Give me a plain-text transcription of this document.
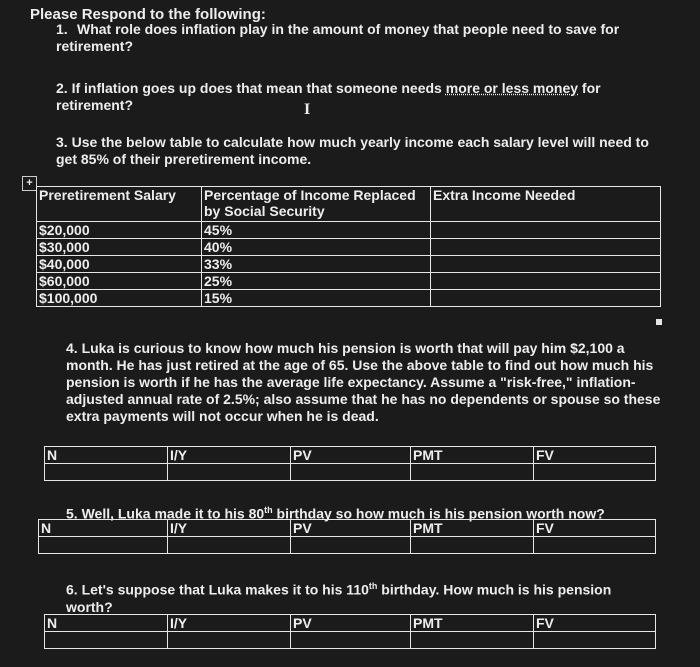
Please Respond to the following:
1. What role does inflation play in the amount of money that people need to save for retirement?
2. If inflation goes up does that mean that someone needs more or less money for retirement?	I
3. Use the below table to calculate how much yearly income each salary level will need to get 85% of their preretirement income.
+
Preretirement Salary	Percentage of Income Replaced by Social Security	Extra Income Needed
$20,000	45%	
$30,000	40%	
$40,000	33%	
$60,000	25%	
$100,000	15%	
4. Luka is curious to know how much his pension is worth that will pay him $2,100 a month. He has just retired at the age of 65. Use the above table to find out how much his pension is worth if he has the average life expectancy. Assume a "risk-free," inflation-adjusted annual rate of 2.5%; also assume that he has no dependents or spouse so these extra payments will not occur when he is dead.
N	I/Y	PV	PMT	FV

5. Well, Luka made it to his 80th birthday so how much is his pension worth now?
N	I/Y	PV	PMT	FV

6. Let's suppose that Luka makes it to his 110th birthday. How much is his pension worth?
N	I/Y	PV	PMT	FV
